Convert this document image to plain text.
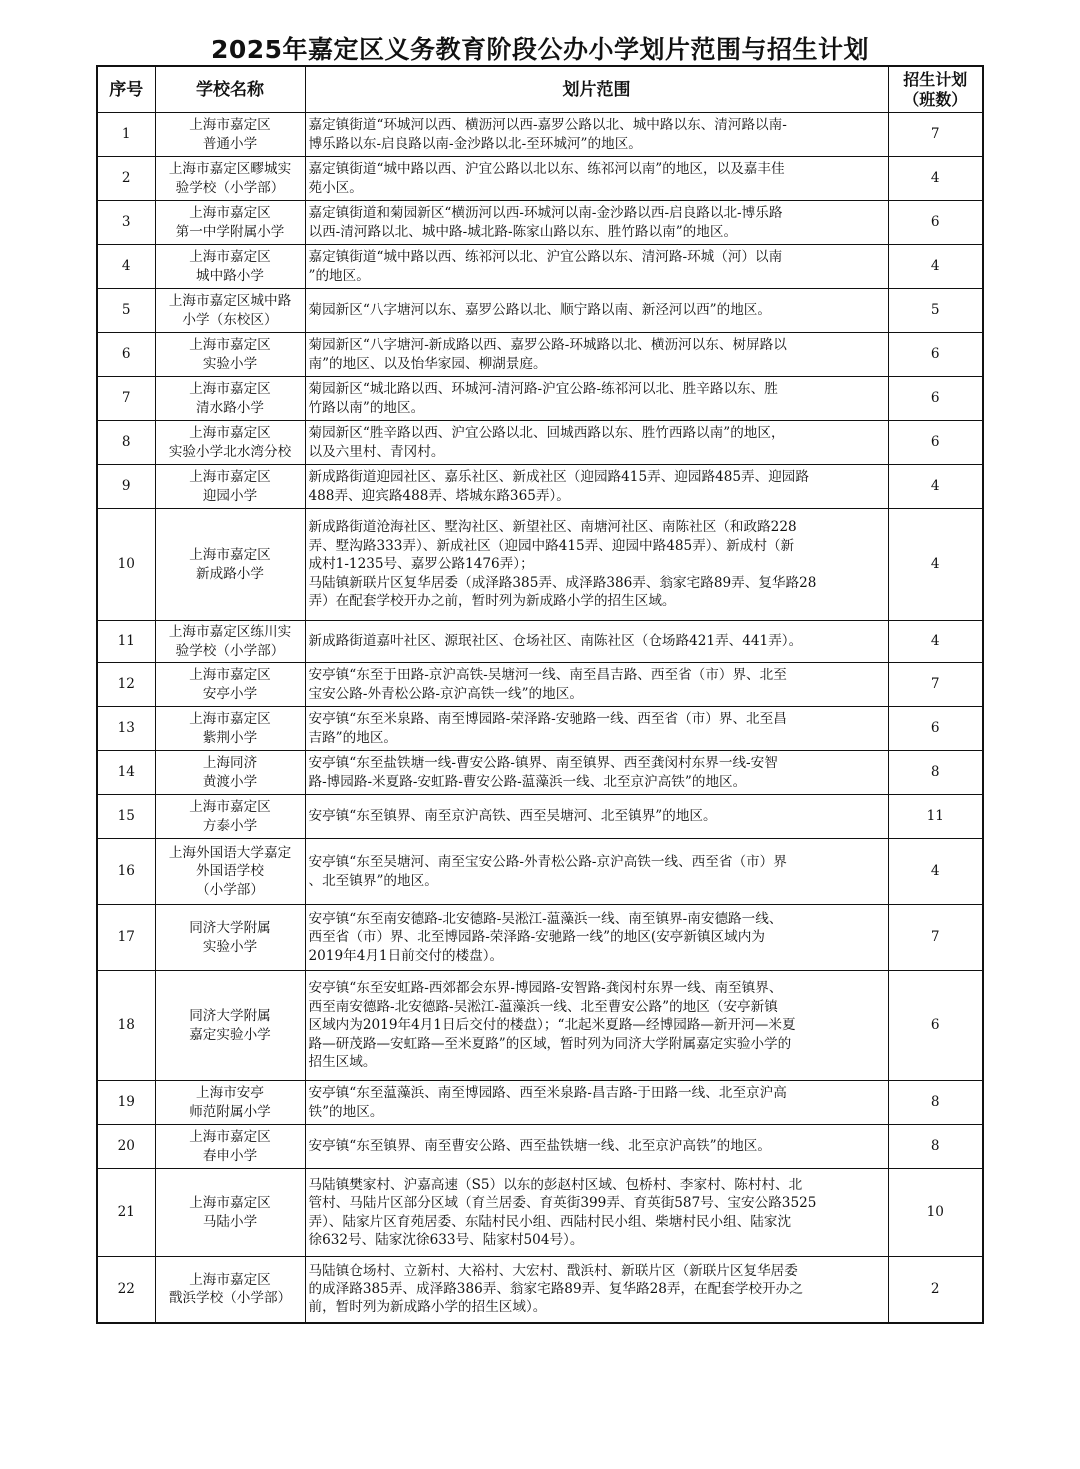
2025年嘉定区义务教育阶段公办小学划片范围与招生计划
序号	学校名称	划片范围	招生计划
（班数）
1	上海市嘉定区
普通小学	嘉定镇街道“环城河以西、横沥河以西-嘉罗公路以北、城中路以东、清河路以南-
博乐路以东-启良路以南-金沙路以北-至环城河”的地区。	7
2	上海市嘉定区疁城实
验学校（小学部）	嘉定镇街道“城中路以西、沪宜公路以北以东、练祁河以南”的地区，以及嘉丰佳
苑小区。	4
3	上海市嘉定区
第一中学附属小学	嘉定镇街道和菊园新区“横沥河以西-环城河以南-金沙路以西-启良路以北-博乐路
以西-清河路以北、城中路-城北路-陈家山路以东、胜竹路以南”的地区。	6
4	上海市嘉定区
城中路小学	嘉定镇街道“城中路以西、练祁河以北、沪宜公路以东、清河路-环城（河）以南
”的地区。	4
5	上海市嘉定区城中路
小学（东校区）	菊园新区“八字塘河以东、嘉罗公路以北、顺宁路以南、新泾河以西”的地区。	5
6	上海市嘉定区
实验小学	菊园新区“八字塘河-新成路以西、嘉罗公路-环城路以北、横沥河以东、树屏路以
南”的地区、以及怡华家园、柳湖景庭。	6
7	上海市嘉定区
清水路小学	菊园新区“城北路以西、环城河-清河路-沪宜公路-练祁河以北、胜辛路以东、胜
竹路以南”的地区。	6
8	上海市嘉定区
实验小学北水湾分校	菊园新区“胜辛路以西、沪宜公路以北、回城西路以东、胜竹西路以南”的地区，
以及六里村、青冈村。	6
9	上海市嘉定区
迎园小学	新成路街道迎园社区、嘉乐社区、新成社区（迎园路415弄、迎园路485弄、迎园路
488弄、迎宾路488弄、塔城东路365弄）。	4
10	上海市嘉定区
新成路小学	新成路街道沧海社区、墅沟社区、新望社区、南塘河社区、南陈社区（和政路228
弄、墅沟路333弄）、新成社区（迎园中路415弄、迎园中路485弄）、新成村（新
成村1-1235号、嘉罗公路1476弄）；
马陆镇新联片区复华居委（成泽路385弄、成泽路386弄、翁家宅路89弄、复华路28
弄）在配套学校开办之前，暂时列为新成路小学的招生区域。	4
11	上海市嘉定区练川实
验学校（小学部）	新成路街道嘉叶社区、源珉社区、仓场社区、南陈社区（仓场路421弄、441弄）。	4
12	上海市嘉定区
安亭小学	安亭镇“东至于田路-京沪高铁-吴塘河一线、南至昌吉路、西至省（市）界、北至
宝安公路-外青松公路-京沪高铁一线”的地区。	7
13	上海市嘉定区
紫荆小学	安亭镇“东至米泉路、南至博园路-荣泽路-安驰路一线、西至省（市）界、北至昌
吉路”的地区。	6
14	上海同济
黄渡小学	安亭镇“东至盐铁塘一线-曹安公路-镇界、南至镇界、西至龚闵村东界一线-安智
路-博园路-米夏路-安虹路-曹安公路-蕰藻浜一线、北至京沪高铁”的地区。	8
15	上海市嘉定区
方泰小学	安亭镇“东至镇界、南至京沪高铁、西至吴塘河、北至镇界”的地区。	11
16	上海外国语大学嘉定
外国语学校
（小学部）	安亭镇“东至吴塘河、南至宝安公路-外青松公路-京沪高铁一线、西至省（市）界
、北至镇界”的地区。	4
17	同济大学附属
实验小学	安亭镇“东至南安德路-北安德路-吴淞江-蕰藻浜一线、南至镇界-南安德路一线、
西至省（市）界、北至博园路-荣泽路-安驰路一线”的地区(安亭新镇区域内为
2019年4月1日前交付的楼盘）。	7
18	同济大学附属
嘉定实验小学	安亭镇“东至安虹路-西郊都会东界-博园路-安智路-龚闵村东界一线、南至镇界、
西至南安德路-北安德路-吴淞江-蕰藻浜一线、北至曹安公路”的地区（安亭新镇
区域内为2019年4月1日后交付的楼盘）；“北起米夏路—经博园路—新开河—米夏
路—研茂路—安虹路—至米夏路”的区域，暂时列为同济大学附属嘉定实验小学的
招生区域。	6
19	上海市安亭
师范附属小学	安亭镇“东至蕰藻浜、南至博园路、西至米泉路-昌吉路-于田路一线、北至京沪高
铁”的地区。	8
20	上海市嘉定区
春申小学	安亭镇“东至镇界、南至曹安公路、西至盐铁塘一线、北至京沪高铁”的地区。	8
21	上海市嘉定区
马陆小学	马陆镇樊家村、沪嘉高速（S5）以东的彭赵村区域、包桥村、李家村、陈村村、北
管村、马陆片区部分区域（育兰居委、育英街399弄、育英街587号、宝安公路3525
弄）、陆家片区育苑居委、东陆村民小组、西陆村民小组、柴塘村民小组、陆家沈
徐632号、陆家沈徐633号、陆家村504号）。	10
22	上海市嘉定区
戬浜学校（小学部）	马陆镇仓场村、立新村、大裕村、大宏村、戬浜村、新联片区（新联片区复华居委
的成泽路385弄、成泽路386弄、翁家宅路89弄、复华路28弄，在配套学校开办之
前，暂时列为新成路小学的招生区域）。	2
